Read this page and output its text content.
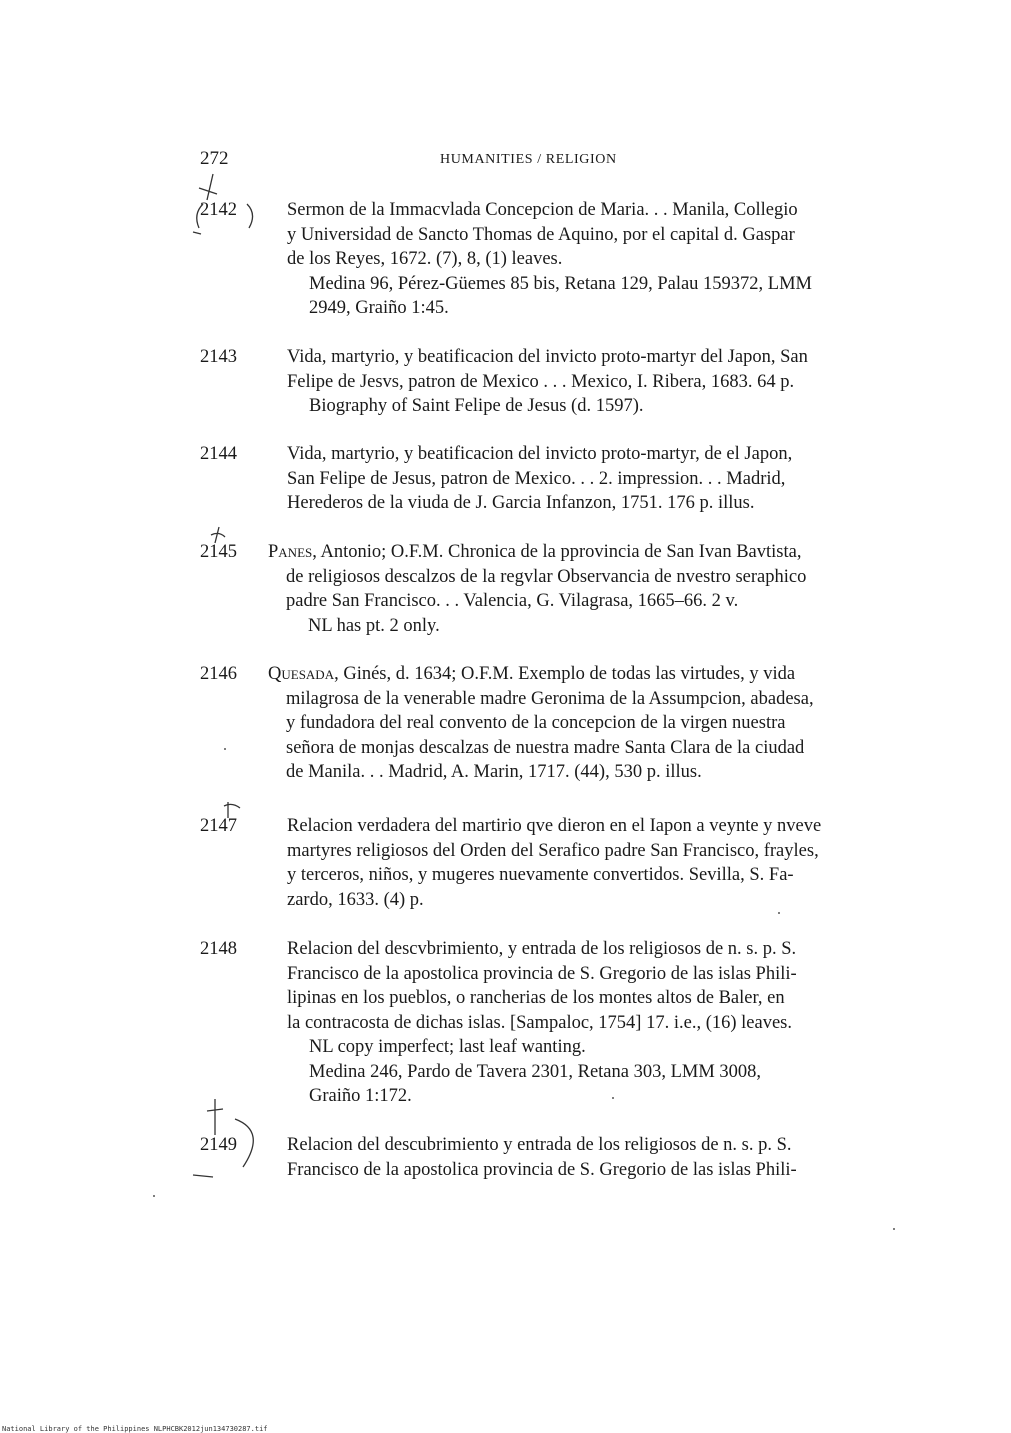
272	HUMANITIES / RELIGION
2142	Sermon de la Immacvlada Concepcion de Maria. . . Manila, Collegio
y Universidad de Sancto Thomas de Aquino, por el capital d. Gaspar
de los Reyes, 1672. (7), 8, (1) leaves.
Medina 96, Pérez-Güemes 85 bis, Retana 129, Palau 159372, LMM
2949, Graiño 1:45.
2143	Vida, martyrio, y beatificacion del invicto proto-martyr del Japon, San
Felipe de Jesvs, patron de Mexico . . . Mexico, I. Ribera, 1683. 64 p.
Biography of Saint Felipe de Jesus (d. 1597).
2144	Vida, martyrio, y beatificacion del invicto proto-martyr, de el Japon,
San Felipe de Jesus, patron de Mexico. . . 2. impression. . . Madrid,
Herederos de la viuda de J. Garcia Infanzon, 1751. 176 p. illus.
2145 Panes, Antonio; O.F.M. Chronica de la pprovincia de San Ivan Bavtista,
de religiosos descalzos de la regvlar Observancia de nvestro seraphico
padre San Francisco. . . Valencia, G. Vilagrasa, 1665–66. 2 v.
NL has pt. 2 only.
2146 Quesada, Ginés, d. 1634; O.F.M. Exemplo de todas las virtudes, y vida
milagrosa de la venerable madre Geronima de la Assumpcion, abadesa,
y fundadora del real convento de la concepcion de la virgen nuestra
señora de monjas descalzas de nuestra madre Santa Clara de la ciudad
de Manila. . . Madrid, A. Marin, 1717. (44), 530 p. illus.
2147	Relacion verdadera del martirio qve dieron en el Iapon a veynte y nveve
martyres religiosos del Orden del Serafico padre San Francisco, frayles,
y terceros, niños, y mugeres nuevamente convertidos. Sevilla, S. Fa-
zardo, 1633. (4) p.
2148	Relacion del descvbrimiento, y entrada de los religiosos de n. s. p. S.
Francisco de la apostolica provincia de S. Gregorio de las islas Phili-
lipinas en los pueblos, o rancherias de los montes altos de Baler, en
la contracosta de dichas islas. [Sampaloc, 1754] 17. i.e., (16) leaves.
NL copy imperfect; last leaf wanting.
Medina 246, Pardo de Tavera 2301, Retana 303, LMM 3008,
Graiño 1:172.
2149	Relacion del descubrimiento y entrada de los religiosos de n. s. p. S.
Francisco de la apostolica provincia de S. Gregorio de las islas Phili-
National Library of the Philippines NLPHCBK2012jun134730287.tif
